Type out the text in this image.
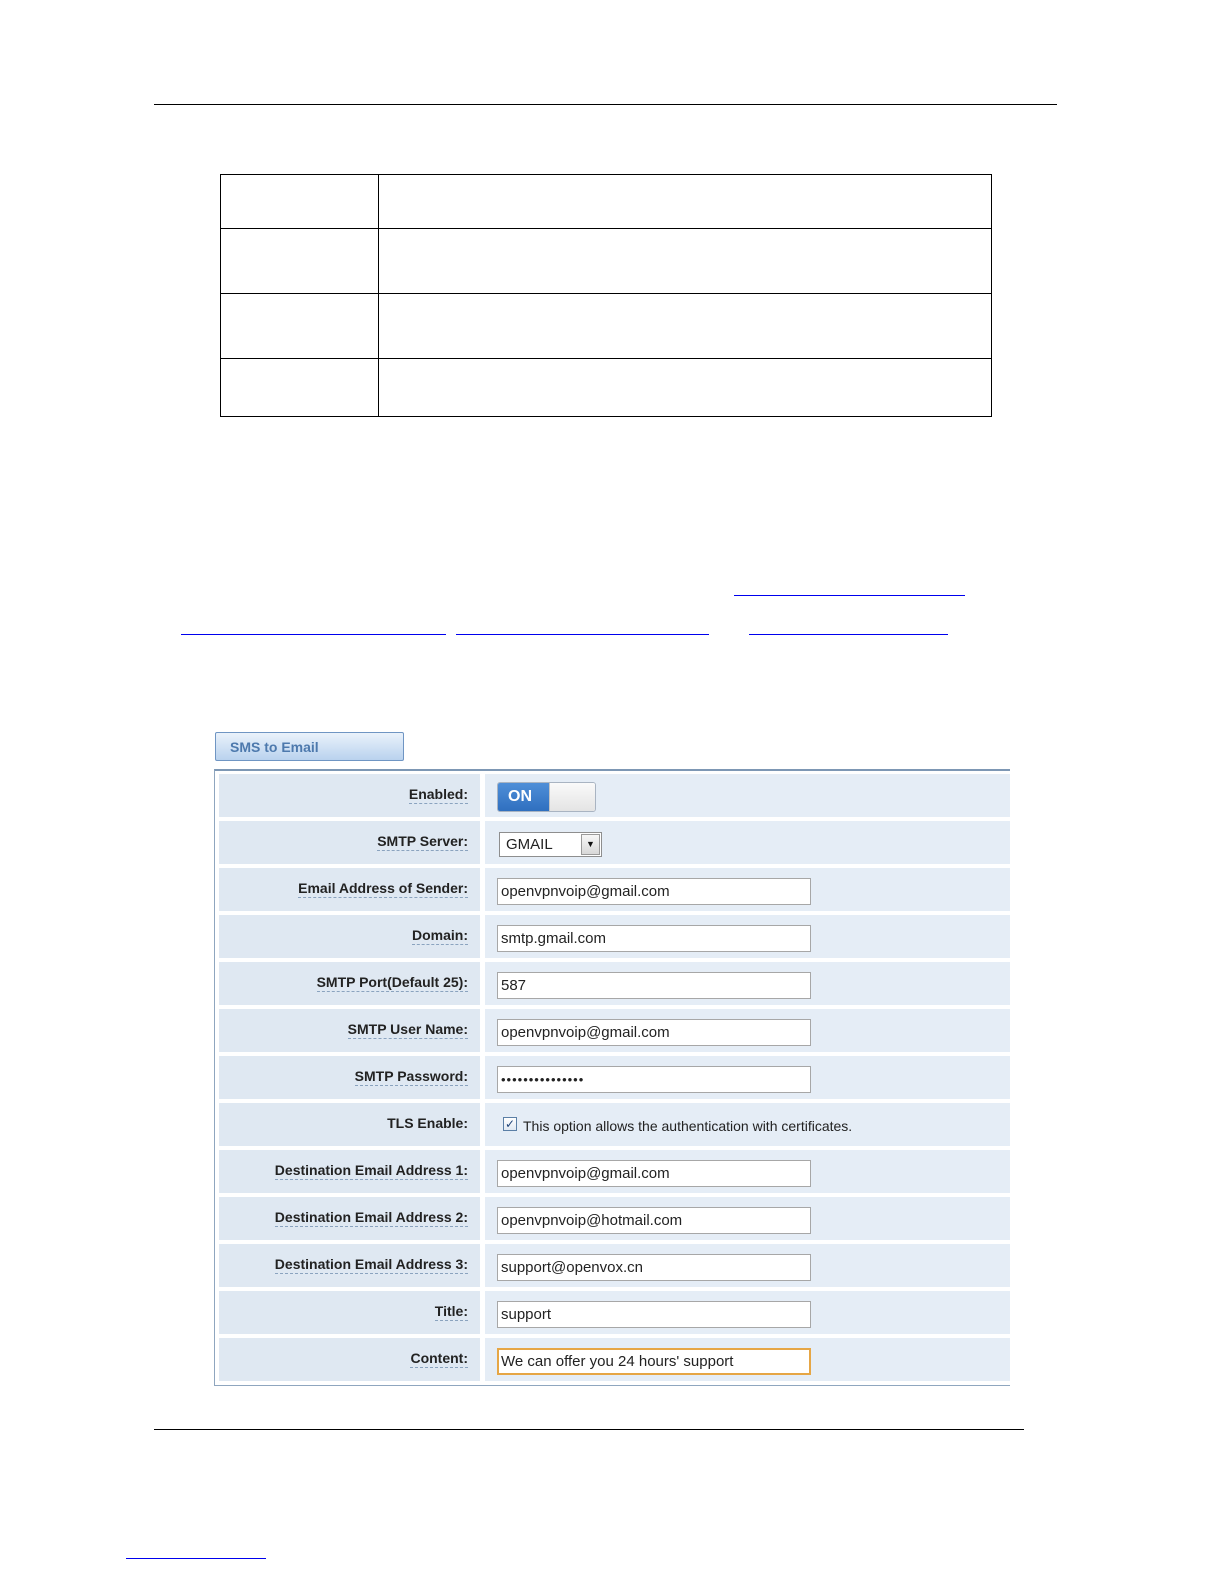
SMS to Email
Enabled:	ON
SMTP Server:	GMAIL	▼
Email Address of Sender:
openvpnvoip@gmail.com
Domain:
smtp.gmail.com
SMTP Port(Default 25):
587
SMTP User Name:
openvpnvoip@gmail.com
SMTP Password:
•••••••••••••••
TLS Enable:	✓ This option allows the authentication with certificates.
Destination Email Address 1:
openvpnvoip@gmail.com
Destination Email Address 2:
openvpnvoip@hotmail.com
Destination Email Address 3:
support@openvox.cn
Title:
support
Content:
We can offer you 24 hours' support
